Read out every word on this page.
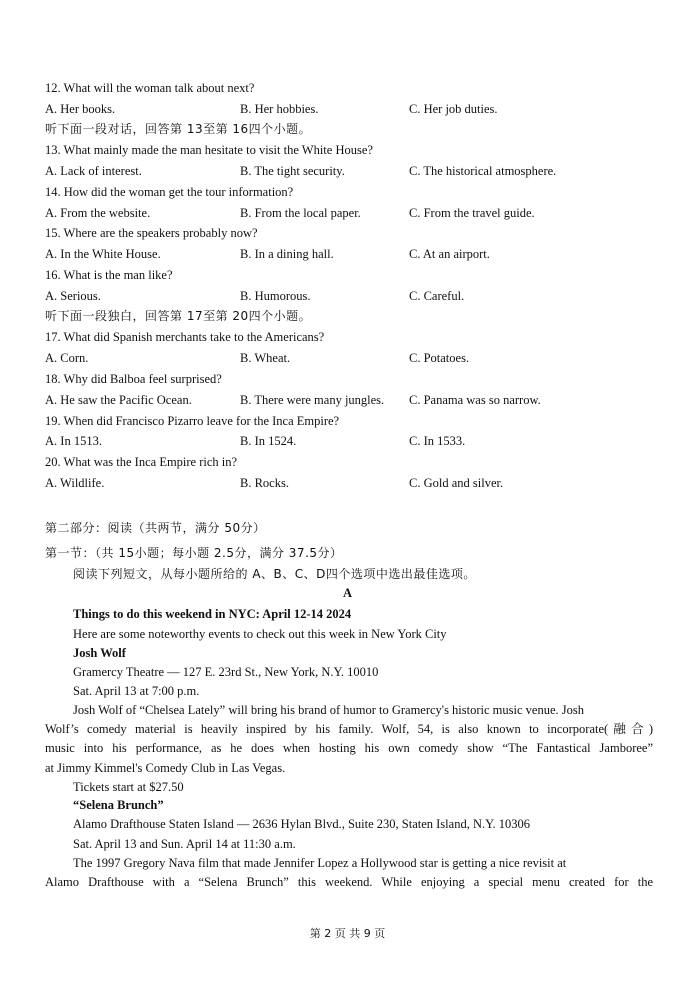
12. What will the woman talk about next?
A. Her books.	B. Her hobbies.	C. Her job duties.
听下面一段对话，回答第 13至第 16四个小题。
13. What mainly made the man hesitate to visit the White House?
A. Lack of interest.	B. The tight security.	C. The historical atmosphere.
14. How did the woman get the tour information?
A. From the website.	B. From the local paper.	C. From the travel guide.
15. Where are the speakers probably now?
A. In the White House.	B. In a dining hall.	C. At an airport.
16. What is the man like?
A. Serious.	B. Humorous.	C. Careful.
听下面一段独白，回答第 17至第 20四个小题。
17. What did Spanish merchants take to the Americans?
A. Corn.	B. Wheat.	C. Potatoes.
18. Why did Balboa feel surprised?
A. He saw the Pacific Ocean.	B. There were many jungles. C. Panama was so narrow.
19. When did Francisco Pizarro leave for the Inca Empire?
A. In 1513.	B. In 1524.	C. In 1533.
20. What was the Inca Empire rich in?
A. Wildlife.	B. Rocks.	C. Gold and silver.
第二部分：阅读（共两节，满分 50分）
第一节：（共 15小题；每小题 2.5分，满分 37.5分）
阅读下列短文，从每小题所给的 A、B、C、D四个选项中选出最佳选项。
A
Things to do this weekend in NYC: April 12-14 2024
Here are some noteworthy events to check out this week in New York City
Josh Wolf
Gramercy Theatre — 127 E. 23rd St., New York, N.Y. 10010
Sat. April 13 at 7:00 p.m.
Josh Wolf of “Chelsea Lately” will bring his brand of humor to Gramercy's historic music venue. Josh
Wolf’s comedy material is heavily inspired by his family. Wolf, 54, is also known to incorporate(融合)
music into his performance, as he does when hosting his own comedy show “The Fantastical Jamboree”
at Jimmy Kimmel's Comedy Club in Las Vegas.
Tickets start at $27.50
“Selena Brunch”
Alamo Drafthouse Staten Island — 2636 Hylan Blvd., Suite 230, Staten Island, N.Y. 10306
Sat. April 13 and Sun. April 14 at 11:30 a.m.
The 1997 Gregory Nava film that made Jennifer Lopez a Hollywood star is getting a nice revisit at
Alamo Drafthouse with a “Selena Brunch” this weekend. While enjoying a special menu created for the
第 2 页 共 9 页
